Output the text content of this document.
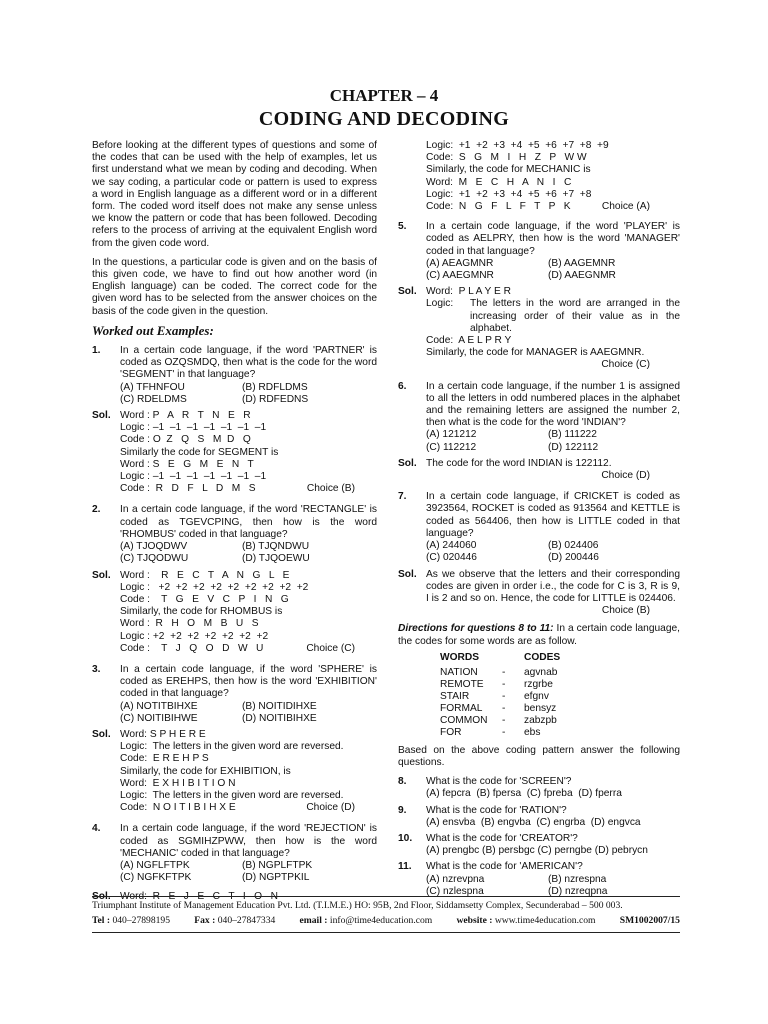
CHAPTER – 4
CODING AND DECODING

Before looking at the different types of questions and some of the codes that can be used with the help of examples, let us first understand what we mean by coding and decoding. When we say coding, a particular code or pattern is used to express a word in English language as a different word or in a different form. The coded word itself does not make any sense unless we know the pattern or code that has been followed. Decoding refers to the process of arriving at the equivalent English word from the given code word.

In the questions, a particular code is given and on the basis of this given code, we have to find out how another word (in English language) can be coded. The correct code for the given word has to be selected from the answer choices on the basis of the code given in the question.

Worked out Examples:
1.	In a certain code language, if the word 'PARTNER' is coded as OZQSMDQ, then what is the code for the word 'SEGMENT' in that language?
(A) TFHNFOU	(B) RDFLDMS
(C) RDELDMS	(D) RDFEDNS
Sol. Word : P   A   R   T   N   E   R
Logic : –1  –1  –1  –1  –1  –1  –1
Code : O  Z   Q   S   M  D   Q
Similarly the code for SEGMENT is
Word : S   E   G   M   E   N   T
Logic : –1  –1  –1  –1  –1  –1  –1
Code :  R   D   F   L   D   M   S	Choice (B)
2.	In a certain code language, if the word 'RECTANGLE' is coded as TGEVCPING, then how is the word 'RHOMBUS' coded in that language?
(A) TJOQDWV	(B) TJQNDWU
(C) TJQODWU	(D) TJQOEWU
Sol. Word :    R   E   C   T   A   N   G   L   E
Logic :   +2  +2  +2  +2  +2  +2  +2  +2  +2
Code :    T   G   E   V   C   P   I   N   G
Similarly, the code for RHOMBUS is
Word :  R   H   O   M   B   U   S
Logic : +2  +2  +2  +2  +2  +2  +2
Code :    T   J   Q   O   D   W   U	Choice (C)
3.	In a certain code language, if the word 'SPHERE' is coded as EREHPS, then how is the word 'EXHIBITION' coded in that language?
(A) NOTITBIHXE	(B) NOITIDIHXE
(C) NOITIBIHWE	(D) NOITIBIHXE
Sol. Word: S P H E R E
Logic:  The letters in the given word are reversed.
Code:  E R E H P S
Similarly, the code for EXHIBITION, is
Word:  E X H I B I T I O N
Logic:  The letters in the given word are reversed.
Code:  N O I T I B I H X E	Choice (D)
4.	In a certain code language, if the word 'REJECTION' is coded as SGMIHZPWW, then how is the word 'MECHANIC' coded in that language?
(A) NGFLFTPK	(B) NGPLFTPK
(C) NGFKFTPK	(D) NGPTPKIL
Sol. Word:  R   E   J   E   C   T   I   O   N
Logic:  +1  +2  +3  +4  +5  +6  +7  +8  +9
Code:  S   G   M   I   H   Z   P   W W
Similarly, the code for MECHANIC is
Word:  M   E   C   H   A   N   I   C
Logic:  +1  +2  +3  +4  +5  +6  +7  +8
Code:  N   G   F   L   F   T   P   K	Choice (A)
5.	In a certain code language, if the word 'PLAYER' is coded as AELPRY, then how is the word 'MANAGER' coded in that language?
(A) AEAGMNR	(B) AAGEMNR
(C) AAEGMNR	(D) AAEGNMR
Sol. Word:  P L A Y E R
Logic:	The letters in the word are arranged in the increasing order of their value as in the alphabet.
Code:  A E L P R Y
Similarly, the code for MANAGER is AAEGMNR.
Choice (C)
6.	In a certain code language, if the number 1 is assigned to all the letters in odd numbered places in the alphabet and the remaining letters are assigned the number 2, then what is the code for the word 'INDIAN'?
(A) 121212	(B) 111222
(C) 112212	(D) 122112
Sol. The code for the word INDIAN is 122112.
Choice (D)
7.	In a certain code language, if CRICKET is coded as 3923564, ROCKET is coded as 913564 and KETTLE is coded as 564406, then how is LITTLE coded in that language?
(A) 244060	(B) 024406
(C) 020446	(D) 200446
Sol. As we observe that the letters and their corresponding codes are given in order i.e., the code for C is 3, R is 9, I is 2 and so on. Hence, the code for LITTLE is 024406.
Choice (B)
Directions for questions 8 to 11: In a certain code language, the codes for some words are as follow.
WORDS		CODES
NATION	-	agvnab
REMOTE	-	rzgrbe
STAIR	-	efgnv
FORMAL	-	bensyz
COMMON	-	zabzpb
FOR	-	ebs

Based on the above coding pattern answer the following questions.

8.	What is the code for 'SCREEN'?
(A) fepcra  (B) fpersa  (C) fpreba  (D) fperra
9.	What is the code for 'RATION'?
(A) ensvba  (B) engvba  (C) engrba  (D) engvca
10.	What is the code for 'CREATOR'?
(A) prengbc (B) persbgc (C) perngbe (D) pebrycn
11.	What is the code for 'AMERICAN'?
(A) nzrevpna	(B) nzrespna
(C) nzlespna	(D) nzreqpna
Triumphant Institute of Management Education Pvt. Ltd. (T.I.M.E.) HO: 95B, 2nd Floor, Siddamsetty Complex, Secunderabad – 500 003.
Tel : 040–27898195	Fax : 040–27847334	email : info@time4education.com	website : www.time4education.com	SM1002007/15
